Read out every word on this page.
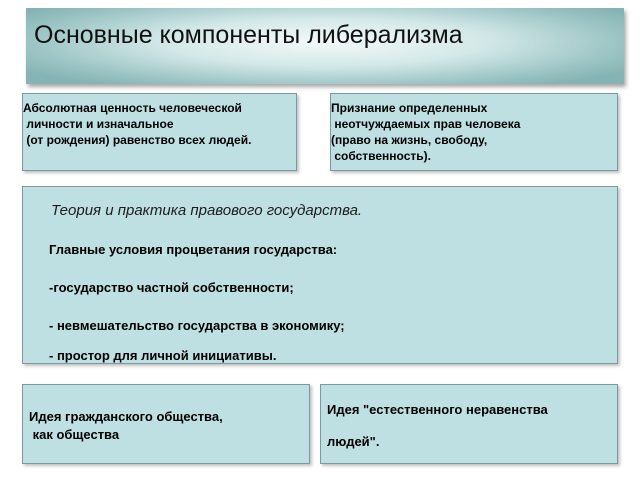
Основные компоненты либерализма
Абсолютная ценность человеческой
личности и изначальное
(от рождения) равенство всех людей.
Признание определенных
неотчуждаемых прав человека
(право на жизнь, свободу,
собственность).
Теория и практика правового государства.
Главные условия процветания государства:
-государство частной собственности;
- невмешательство государства в экономику;
- простор для личной инициативы.
Идея гражданского общества,
как общества
Идея "естественного неравенства
людей".
